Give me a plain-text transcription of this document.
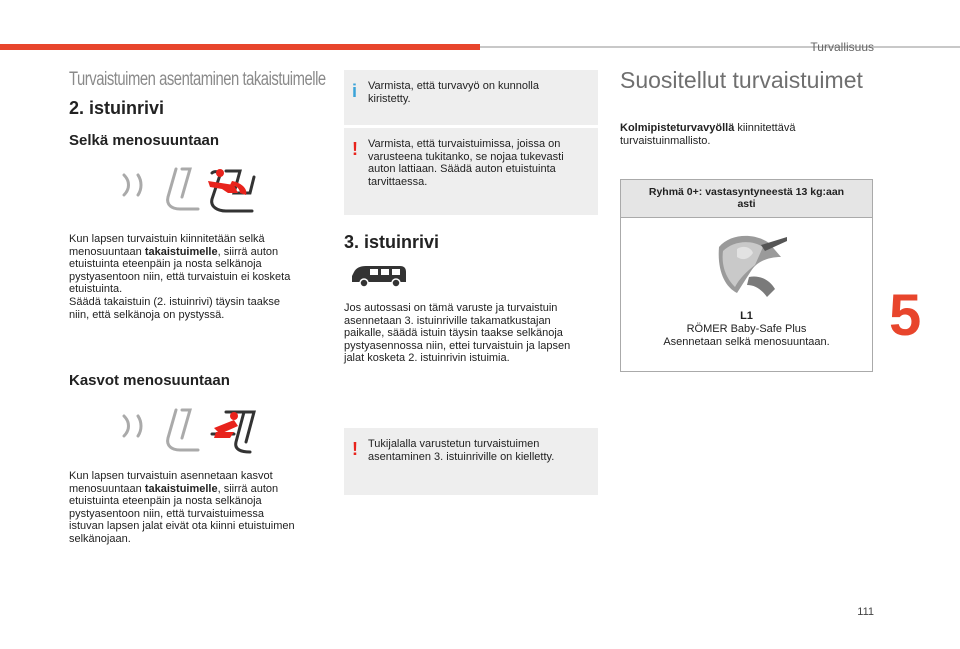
Turvallisuus
5
111
Turvaistuimen asentaminen takaistuimelle
2. istuinrivi
Selkä menosuuntaan
Kun lapsen turvaistuin kiinnitetään selkä
menosuuntaan takaistuimelle, siirrä auton
etuistuinta eteenpäin ja nosta selkänoja
pystyasentoon niin, että turvaistuin ei kosketa
etuistuinta.
Säädä takaistuin (2. istuinrivi) täysin taakse
niin, että selkänoja on pystyssä.
Kasvot menosuuntaan
Kun lapsen turvaistuin asennetaan kasvot
menosuuntaan takaistuimelle, siirrä auton
etuistuinta eteenpäin ja nosta selkänoja
pystyasentoon niin, että turvaistuimessa
istuvan lapsen jalat eivät ota kiinni etuistuimen
selkänojaan.
i Varmista, että turvavyö on kunnolla
kiristetty.
! Varmista, että turvaistuimissa, joissa on
varusteena tukitanko, se nojaa tukevasti
auton lattiaan. Säädä auton etuistuinta
tarvittaessa.
3. istuinrivi
Jos autossasi on tämä varuste ja turvaistuin
asennetaan 3. istuinriville takamatkustajan
paikalle, säädä istuin täysin taakse selkänoja
pystyasennossa niin, ettei turvaistuin ja lapsen
jalat kosketa 2. istuinrivin istuimia.
! Tukijalalla varustetun turvaistuimen
asentaminen 3. istuinriville on kielletty.
Suositellut turvaistuimet
Kolmipisteturvavyöllä kiinnitettävä
turvaistuinmallisto.
Ryhmä 0+: vastasyntyneestä 13 kg:aan
asti
L1
RÖMER Baby-Safe Plus
Asennetaan selkä menosuuntaan.
